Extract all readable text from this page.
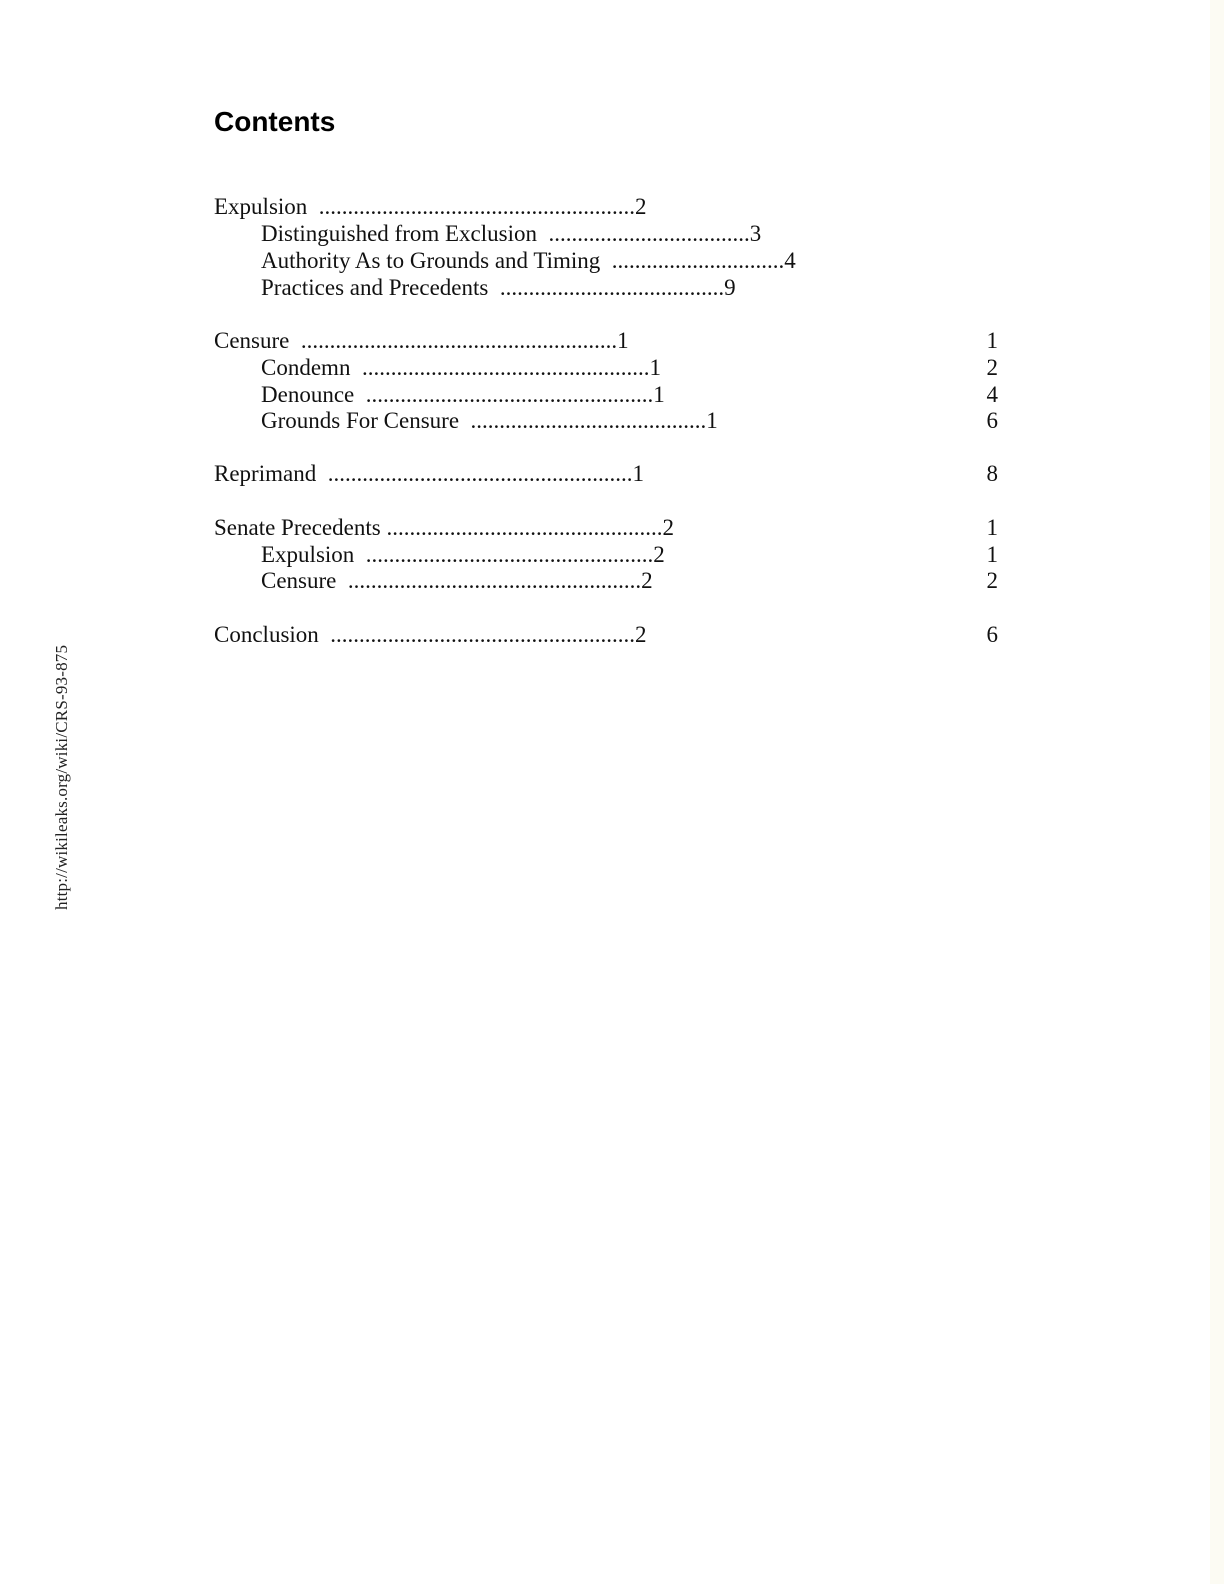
http://wikileaks.org/wiki/CRS-93-875
Contents
Expulsion .......................................................2
Distinguished from Exclusion ...................................3
Authority As to Grounds and Timing ..............................4
Practices and Precedents .......................................9
Censure .......................................................1	1
Condemn ..................................................1	2
Denounce ..................................................1	4
Grounds For Censure .........................................1	6
Reprimand .....................................................1	8
Senate Precedents ................................................2	1
Expulsion ..................................................2	1
Censure ...................................................2	2
Conclusion .....................................................2	6
